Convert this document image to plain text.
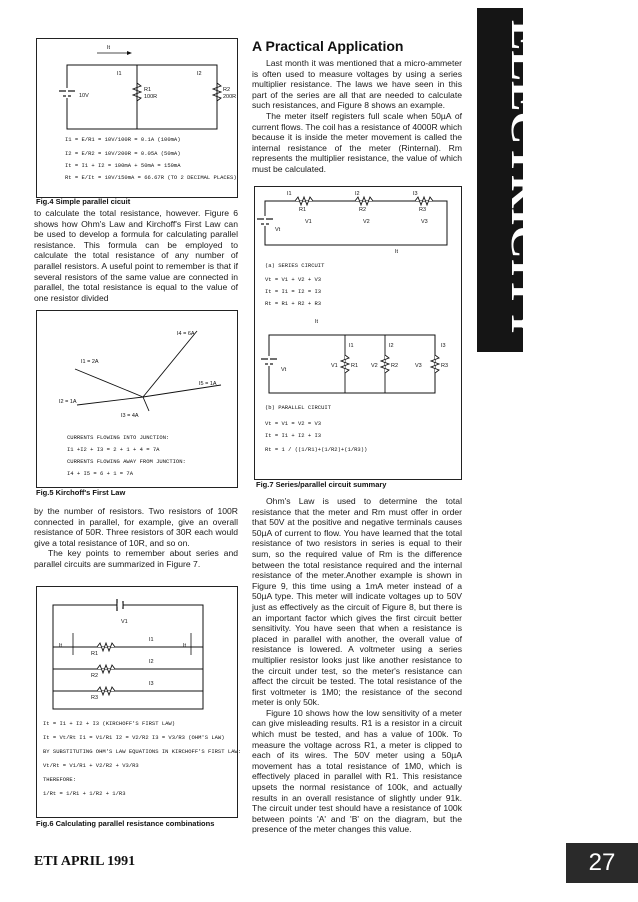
It
10V
I1	I2
R1
100R
R2
200R
I1 = E/R1 = 10V/100R = 0.1A (100mA)
I2 = E/R2 = 10V/200R = 0.05A (50mA)
It = I1 + I2 = 100mA + 50mA = 150mA
Rt = E/It = 10V/150mA = 66.67R (TO 2 DECIMAL PLACES)
Fig.4 Simple parallel cicuit

to calculate the total resistance, however. Figure 6 shows how Ohm's Law and Kirchoff's First Law can be used to develop a formula for calculating parallel resistance. This formula can be employed to calculate the total resistance of any number of parallel resistors. A useful point to remember is that if several resistors of the same value are connected in parallel, the total resistance is equal to the value of one resistor divided

I1 = 2A
I4 = 6A
I5 = 1A
I2 = 1A
I3 = 4A
CURRENTS FLOWING INTO JUNCTION:
I1 +I2 + I3 = 2 + 1 + 4 = 7A
CURRENTS FLOWING AWAY FROM JUNCTION:
I4 + I5 = 6 + 1 = 7A
Fig.5 Kirchoff's First Law

by the number of resistors. Two resistors of 100R connected in parallel, for example, give an overall resistance of 50R. Three resistors of 30R each would give a total resistance of 10R, and so on.

The key points to remember about series and parallel circuits are summarized in Figure 7.

V1
It	It
R1
R2
R3
I1
I2
I3
It = I1 + I2 + I3 (KIRCHOFF'S FIRST LAW)
It = Vt/Rt I1 = V1/R1 I2 = V2/R2 I3 = V3/R3 (OHM'S LAW)
BY SUBSTITUTING OHM'S LAW EQUATIONS IN KIRCHOFF'S FIRST LAW:
Vt/Rt = V1/R1 + V2/R2 + V3/R3
THEREFORE:
1/Rt = 1/R1 + 1/R2 + 1/R3
Fig.6 Calculating parallel resistance combinations
A Practical Application

Last month it was mentioned that a micro-ammeter is often used to measure voltages by using a series multiplier resistance. The laws we have seen in this part of the series are all that are needed to calculate such resistances, and Figure 8 shows an example.

The meter itself registers full scale when 50µA of current flows. The coil has a resistance of 4000R which because it is inside the meter movement is called the internal resistance of the meter (Rinternal). Rm represents the multiplier resistance, the value of which must be calculated.

I1	I2	I3
R1	R2	R3
V1	V2	V3
Vt
It
(a) SERIES CIRCUIT
Vt = V1 + V2 + V3
It = I1 = I2 = I3
Rt = R1 + R2 + R3
It
I1	I2	I3
V1 R1 V2 R2	V3	R3
Vt
(b) PARALLEL CIRCUIT
Vt = V1 = V2 = V3
It = I1 + I2 + I3
Rt = 1 / ((1/R1)+(1/R2)+(1/R3))
Fig.7 Series/parallel circuit summary

Ohm's Law is used to determine the total resistance that the meter and Rm must offer in order that 50V at the positive and negative terminals causes 50µA of current to flow. You have learned that the total resistance of two resistors in series is equal to their sum, so the required value of Rm is the difference between the total resistance required and the internal resistance of the meter.Another example is shown in Figure 9, this time using a 1mA meter instead of a 50µA type. This meter will indicate voltages up to 50V just as effectively as the circuit of Figure 8, but there is an important factor which gives the first circuit better sensitivity. You have seen that when a resistance is placed in parallel with another, the overall value of resistance is lowered. A voltmeter using a series multiplier resistor looks just like another resistance to the circuit under test, so the meter's resistance can affect the circuit be tested. The total resistance of the first voltmeter is 1M0; the resistance of the second meter is only 50k.

Figure 10 shows how the low sensitivity of a meter can give misleading results. R1 is a resistor in a circuit which must be tested, and has a value of 100k. To measure the voltage across R1, a meter is clipped to each of its wires. The 50V meter using a 50µA movement has a total resistance of 1M0, which is effectively placed in parallel with R1. This resistance upsets the normal resistance of 100k, and actually results in an overall resistance of slightly under 91k. The circuit under test should have a resistance of 100k between points 'A' and 'B' on the diagram, but the presence of the meter changes this value.

ELECTRICITY
ETI APRIL 1991	27
